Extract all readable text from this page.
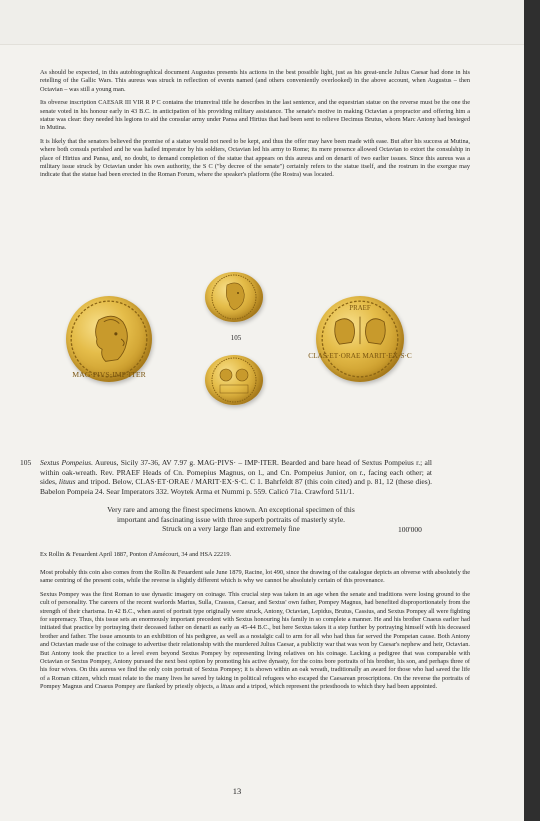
As should be expected, in this autobiographical document Augustus presents his actions in the best possible light, just as his great-uncle Julius Caesar had done in his retelling of the Gallic Wars. This aureus was struck in reflection of events named (and others conveniently overlooked) in the above account, when Augustus – then Octavian – was still a young man.

Its obverse inscription CAESAR III VIR R P C contains the triumviral title he describes in the last sentence, and the equestrian statue on the reverse must be the one the senate voted in his honour early in 43 B.C. in anticipation of his providing military assistance. The senate's motive in making Octavian a propractor and offering him a statue was clear: they needed his legions to aid the consular army under Pansa and Hirtius that had been sent to relieve Decimus Brutus, whom Marc Antony had besieged in Mutina.

It is likely that the senators believed the promise of a statue would not need to be kept, and thus the offer may have been made with ease. But after his success at Mutina, where both consuls perished and he was hailed imperator by his soldiers, Octavian led his army to Rome; its mere presence allowed Octavian to extort the consulship in place of Hirtius and Pansa, and, no doubt, to demand completion of the statue that appears on this aureus and on denarii of two earlier issues. Since this aureus was a military issue struck by Octavian under his own authority, the S C ("by decree of the senate") certainly refers to the statue itself, and the rostrum in the exergue may indicate that the statue had been erected in the Roman Forum, where the speaker's platform (the Rostra) was located.

MAG·PIVS·IMP·ITER
105
PRAEF
CLAS·ET·ORAE MARIT·EX·S·C
105 Sextus Pompeius. Aureus, Sicily 37-36, AV 7.97 g. MAG·PIVS· – IMP·ITER. Bearded and bare head of Sextus Pompeius r.; all within oak-wreath. Rev. PRAEF Heads of Cn. Pomepius Magnus, on l., and Cn. Pompeius Junior, on r., facing each other; at sides, lituus and tripod. Below, CLAS·ET·ORAE / MARIT·EX·S·C. C 1. Bahrfeldt 87 (this coin cited) and p. 81, 12 (these dies). Babelon Pompeia 24. Sear Imperators 332. Woytek Arma et Nummi p. 559. Calicó 71a. Crawford 511/1.
Very rare and among the finest specimens known. An exceptional specimen of this
important and fascinating issue with three superb portraits of masterly style.
Struck on a very large flan and extremely fine	100'000
Ex Rollin & Feuardent April 1887, Ponton d'Amécourt, 34 and HSA 22219.

Most probably this coin also comes from the Rollin & Feuardent sale June 1879, Racine, lot 490, since the drawing of the catalogue depicts an obverse with absolutely the same centring of the present coin, while the reverse is slightly different which is why we cannot be absolutely certain of this provenance.

Sextus Pompey was the first Roman to use dynastic imagery on coinage. This crucial step was taken in an age when the senate and traditions were losing ground to the cult of personality. The careers of the recent warlords Marius, Sulla, Crassus, Caesar, and Sextus' own father, Pompey Magnus, had benefited disproportionately from the strength of their charisma. In 42 B.C., when aurei of portrait type originally were struck, Antony, Octavian, Lepidus, Brutus, Cassius, and Sextus Pompey all were fighting for supremacy. Thus, this issue sets an enormously important precedent with Sextus honouring his family in so complete a manner. He and his brother Cnaeus earlier had initiated that practice by portraying their deceased father on denarii as early as 45-44 B.C., but here Sextus takes it a step further by portraying himself with his deceased brother and father. The issue amounts to an exhibition of his pedigree, as well as a nostalgic call to arm for all who had thus far served the Pompeian cause. Both Antony and Octavian made use of the coinage to advertise their relationship with the murdered Julius Caesar, a publicity war that was won by Caesar's nephew and heir, Octavian. But Antony took the practice to a level even beyond Sextus Pompey by representing living relatives on his coinage. Lacking a pedigree that was comparable with Octavian or Sextus Pompey, Antony pursued the next best option by promoting his active dynasty, for the coins bore portraits of his brother, his son, and perhaps three of his four wives. On this aureus we find the only coin portrait of Sextus Pompey; it is shown within an oak wreath, traditionally an award for those who had saved the life of a Roman citizen, which must relate to the many lives he saved by taking in political refugees who escaped the Caesarean proscriptions. On the reverse the portraits of Pompey Magnus and Cnaeus Pompey are flanked by priestly objects, a lituus and a tripod, which represent the priesthoods to which they had been appointed.

13
